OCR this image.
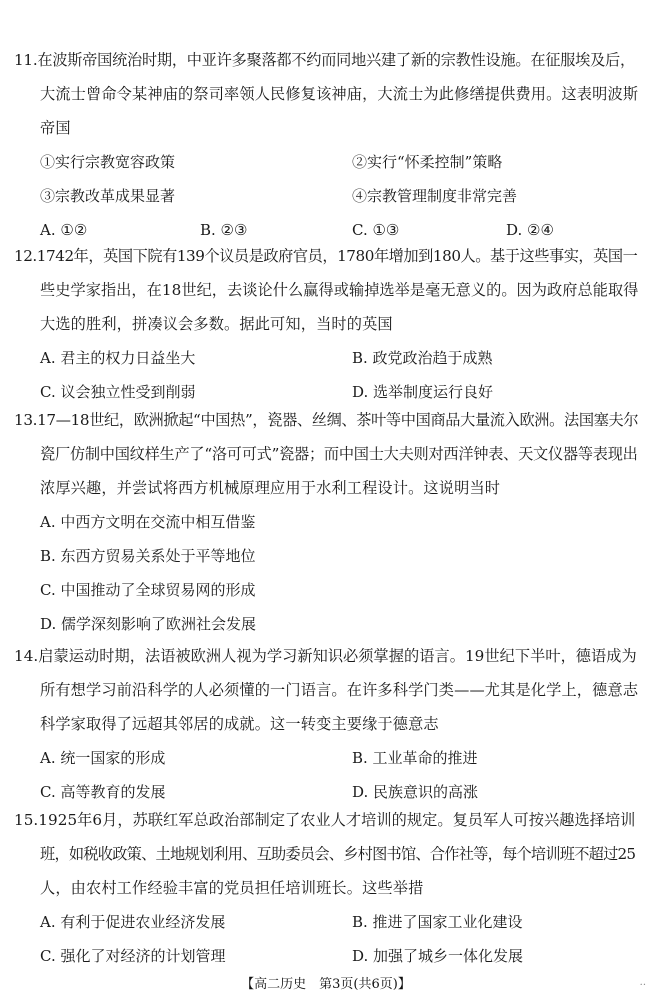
11.在波斯帝国统治时期，中亚许多聚落都不约而同地兴建了新的宗教性设施。在征服埃及后，
大流士曾命令某神庙的祭司率领人民修复该神庙，大流士为此修缮提供费用。这表明波斯
帝国
①实行宗教宽容政策	②实行“怀柔控制”策略
③宗教改革成果显著	④宗教管理制度非常完善
A. ①②	B. ②③	C. ①③	D. ②④
12.1742年，英国下院有139个议员是政府官员，1780年增加到180人。基于这些事实，英国一
些史学家指出，在18世纪，去谈论什么赢得或输掉选举是毫无意义的。因为政府总能取得
大选的胜利，拼凑议会多数。据此可知，当时的英国
A. 君主的权力日益坐大	B. 政党政治趋于成熟
C. 议会独立性受到削弱	D. 选举制度运行良好
13.17—18世纪，欧洲掀起“中国热”，瓷器、丝绸、茶叶等中国商品大量流入欧洲。法国塞夫尔
瓷厂仿制中国纹样生产了“洛可可式”瓷器；而中国士大夫则对西洋钟表、天文仪器等表现出
浓厚兴趣，并尝试将西方机械原理应用于水利工程设计。这说明当时
A. 中西方文明在交流中相互借鉴
B. 东西方贸易关系处于平等地位
C. 中国推动了全球贸易网的形成
D. 儒学深刻影响了欧洲社会发展
14.启蒙运动时期，法语被欧洲人视为学习新知识必须掌握的语言。19世纪下半叶，德语成为
所有想学习前沿科学的人必须懂的一门语言。在许多科学门类——尤其是化学上，德意志
科学家取得了远超其邻居的成就。这一转变主要缘于德意志
A. 统一国家的形成	B. 工业革命的推进
C. 高等教育的发展	D. 民族意识的高涨
15.1925年6月，苏联红军总政治部制定了农业人才培训的规定。复员军人可按兴趣选择培训
班，如税收政策、土地规划利用、互助委员会、乡村图书馆、合作社等，每个培训班不超过25
人，由农村工作经验丰富的党员担任培训班长。这些举措
A. 有利于促进农业经济发展	B. 推进了国家工业化建设
C. 强化了对经济的计划管理	D. 加强了城乡一体化发展
【高二历史　第3页(共6页)】	··
